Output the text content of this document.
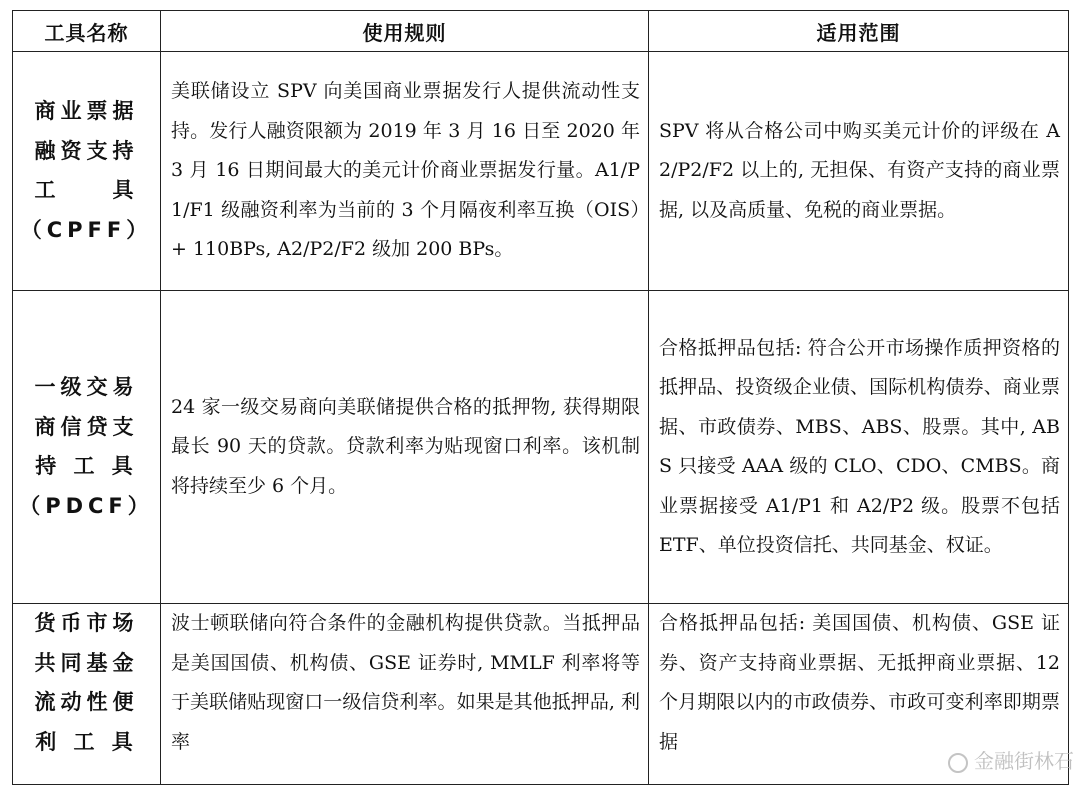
工具名称	使用规则	适用范围

商业票据
融资支持
工　　具
（CPFF）	美联储设立 SPV 向美国商业票据发行人提供流动性支持。发行人融资限额为 2019 年 3 月 16 日至 2020 年 3 月 16 日期间最大的美元计价商业票据发行量。A1/P1/F1 级融资利率为当前的 3 个月隔夜利率互换（OIS）+ 110BPs, A2/P2/F2 级加 200 BPs。	SPV 将从合格公司中购买美元计价的评级在 A2/P2/F2 以上的, 无担保、有资产支持的商业票据, 以及高质量、免税的商业票据。

一级交易
商信贷支
持 工 具
（PDCF）	24 家一级交易商向美联储提供合格的抵押物, 获得期限最长 90 天的贷款。贷款利率为贴现窗口利率。该机制将持续至少 6 个月。	合格抵押品包括: 符合公开市场操作质押资格的抵押品、投资级企业债、国际机构债券、商业票据、市政债券、MBS、ABS、股票。其中, ABS 只接受 AAA 级的 CLO、CDO、CMBS。商业票据接受 A1/P1 和 A2/P2 级。股票不包括 ETF、单位投资信托、共同基金、权证。

货币市场
共同基金
流动性便
利 工 具	波士顿联储向符合条件的金融机构提供贷款。当抵押品是美国国债、机构债、GSE 证券时, MMLF 利率将等于美联储贴现窗口一级信贷利率。如果是其他抵押品, 利率	合格抵押品包括: 美国国债、机构债、GSE 证券、资产支持商业票据、无抵押商业票据、12 个月期限以内的市政债券、市政可变利率即期票据
金融街林石
